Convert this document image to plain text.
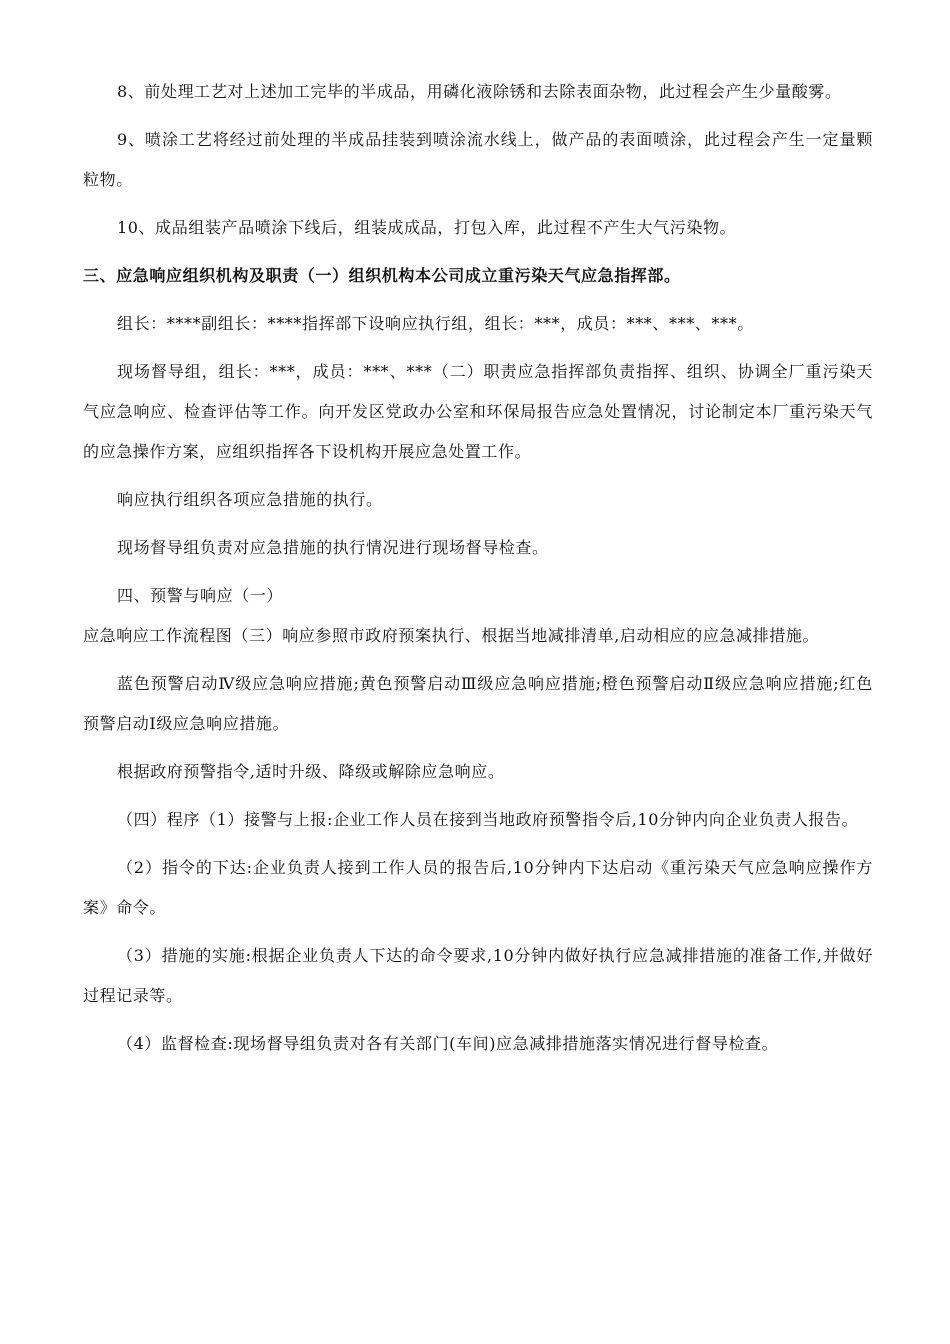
8、前处理工艺对上述加工完毕的半成品，用磷化液除锈和去除表面杂物，此过程会产生少量酸雾。

9、喷涂工艺将经过前处理的半成品挂装到喷涂流水线上，做产品的表面喷涂，此过程会产生一定量颗粒物。

10、成品组装产品喷涂下线后，组装成成品，打包入库，此过程不产生大气污染物。

三、应急响应组织机构及职责（一）组织机构本公司成立重污染天气应急指挥部。

组长：****副组长：****指挥部下设响应执行组，组长：***，成员：***、***、***。

现场督导组，组长：***，成员：***、***（二）职责应急指挥部负责指挥、组织、协调全厂重污染天气应急响应、检查评估等工作。向开发区党政办公室和环保局报告应急处置情况，讨论制定本厂重污染天气的应急操作方案，应组织指挥各下设机构开展应急处置工作。

响应执行组织各项应急措施的执行。

现场督导组负责对应急措施的执行情况进行现场督导检查。

四、预警与响应（一）

应急响应工作流程图（三）响应参照市政府预案执行、根据当地减排清单,启动相应的应急减排措施。

蓝色预警启动Ⅳ级应急响应措施;黄色预警启动Ⅲ级应急响应措施;橙色预警启动Ⅱ级应急响应措施;红色预警启动Ⅰ级应急响应措施。

根据政府预警指令,适时升级、降级或解除应急响应。

（四）程序（1）接警与上报:企业工作人员在接到当地政府预警指令后,10分钟内向企业负责人报告。

（2）指令的下达:企业负责人接到工作人员的报告后,10分钟内下达启动《重污染天气应急响应操作方案》命令。

（3）措施的实施:根据企业负责人下达的命令要求,10分钟内做好执行应急减排措施的准备工作,并做好过程记录等。

（4）监督检查:现场督导组负责对各有关部门(车间)应急减排措施落实情况进行督导检查。
